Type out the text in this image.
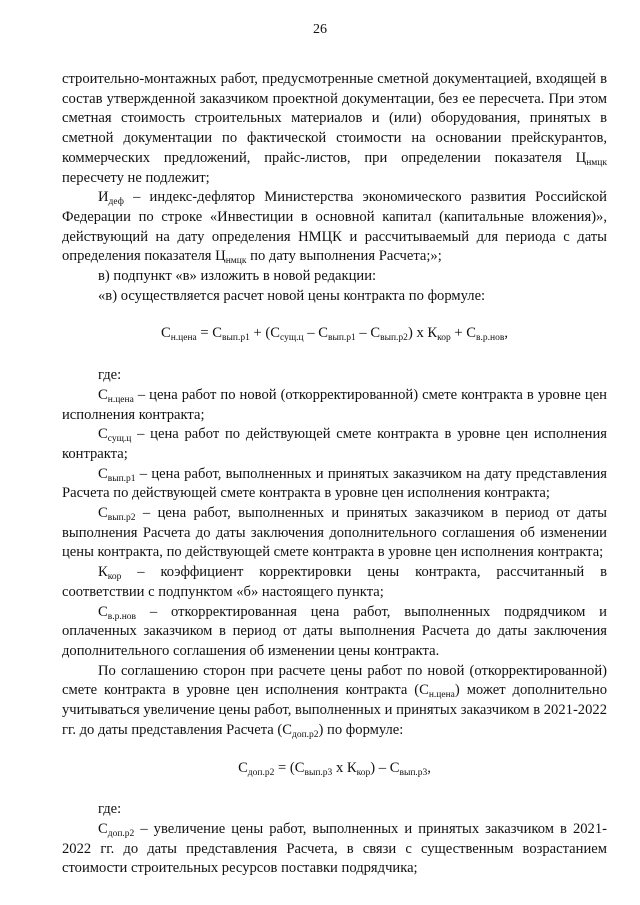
26

строительно-монтажных работ, предусмотренные сметной документацией, входящей в состав утвержденной заказчиком проектной документации, без ее пересчета. При этом сметная стоимость строительных материалов и (или) оборудования, принятых в сметной документации по фактической стоимости на основании прейскурантов, коммерческих предложений, прайс-листов, при определении показателя $Ц_{нмцк}$ пересчету не подлежит;

$И_{деф}$ – индекс-дефлятор Министерства экономического развития Российской Федерации по строке «Инвестиции в основной капитал (капитальные вложения)», действующий на дату определения НМЦК и рассчитываемый для периода с даты определения показателя $Ц_{нмцк}$ по дату выполнения Расчета;»;

в) подпункт «в» изложить в новой редакции:

«в) осуществляется расчет новой цены контракта по формуле:

$С_{н.цена} = С_{вып.р1} + (С_{сущ.ц} - С_{вып.р1} - С_{вып.р2})$ x $К_{кор} + С_{в.р.нов}$,

где:

$С_{н.цена}$ – цена работ по новой (откорректированной) смете контракта в уровне цен исполнения контракта;

$С_{сущ.ц}$ – цена работ по действующей смете контракта в уровне цен исполнения контракта;

$С_{вып.р1}$ – цена работ, выполненных и принятых заказчиком на дату представления Расчета по действующей смете контракта в уровне цен исполнения контракта;

$С_{вып.р2}$ – цена работ, выполненных и принятых заказчиком в период от даты выполнения Расчета до даты заключения дополнительного соглашения об изменении цены контракта, по действующей смете контракта в уровне цен исполнения контракта;

$К_{кор}$ – коэффициент корректировки цены контракта, рассчитанный в соответствии с подпунктом «б» настоящего пункта;

$С_{в.р.нов}$ – откорректированная цена работ, выполненных подрядчиком и оплаченных заказчиком в период от даты выполнения Расчета до даты заключения дополнительного соглашения об изменении цены контракта.

По соглашению сторон при расчете цены работ по новой (откорректированной) смете контракта в уровне цен исполнения контракта $(С_{н.цена})$ может дополнительно учитываться увеличение цены работ, выполненных и принятых заказчиком в 2021-2022 гг. до даты представления Расчета $(С_{доп.р2})$ по формуле:

$С_{доп.р2} = (С_{вып.р3}$ x $К_{кор}) - С_{вып.р3}$,

где:

$С_{доп.р2}$ – увеличение цены работ, выполненных и принятых заказчиком в 2021-2022 гг. до даты представления Расчета, в связи с существенным возрастанием стоимости строительных ресурсов поставки подрядчика;
